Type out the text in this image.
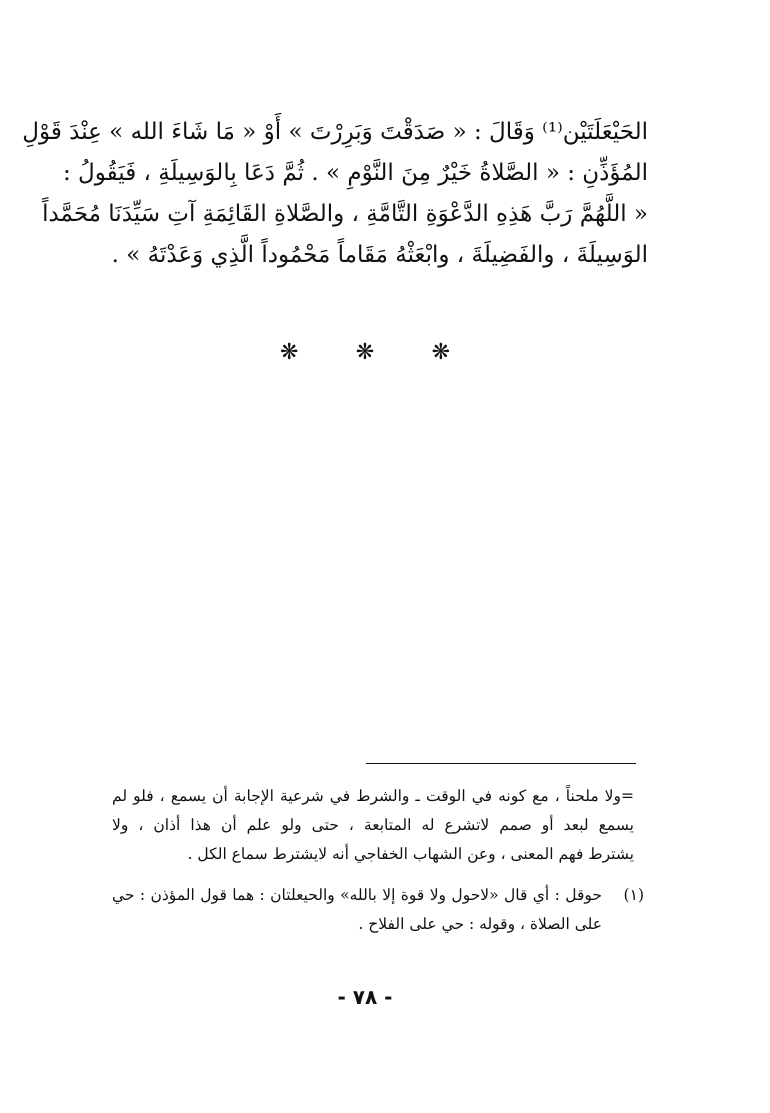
الحَيْعَلَتَيْن⁽¹⁾ وَقَالَ : « صَدَقْتَ وَبَرِرْتَ » أَوْ « مَا شَاءَ الله » عِنْدَ قَوْلِ
المُؤَذِّنِ : « الصَّلاةُ خَيْرٌ مِنَ النَّوْمِ » . ثُمَّ دَعَا بِالوَسِيلَةِ ، فَيَقُولُ :
« اللَّهُمَّ رَبَّ هَذِهِ الدَّعْوَةِ التَّامَّةِ ، والصَّلاةِ القَائِمَةِ آتِ سَيِّدَنَا مُحَمَّداً
الوَسِيلَةَ ، والفَضِيلَةَ ، وابْعَثْهُ مَقَاماً مَحْمُوداً الَّذِي وَعَدْتَهُ » .
❋	❋	❋
=ولا ملحناً ، مع كونه في الوقت ـ والشرط في شرعية الإجابة أن يسمع ، فلو لم
يسمع لبعد أو صمم لاتشرع له المتابعة ، حتى ولو علم أن هذا أذان ، ولا
يشترط فهم المعنى ، وعن الشهاب الخفاجي أنه لايشترط سماع الكل .
(١)
حوقل : أي قال «لاحول ولا قوة إلا بالله» والحيعلتان : هما قول المؤذن : حي
على الصلاة ، وقوله : حي على الفلاح .
- ٧٨ -
